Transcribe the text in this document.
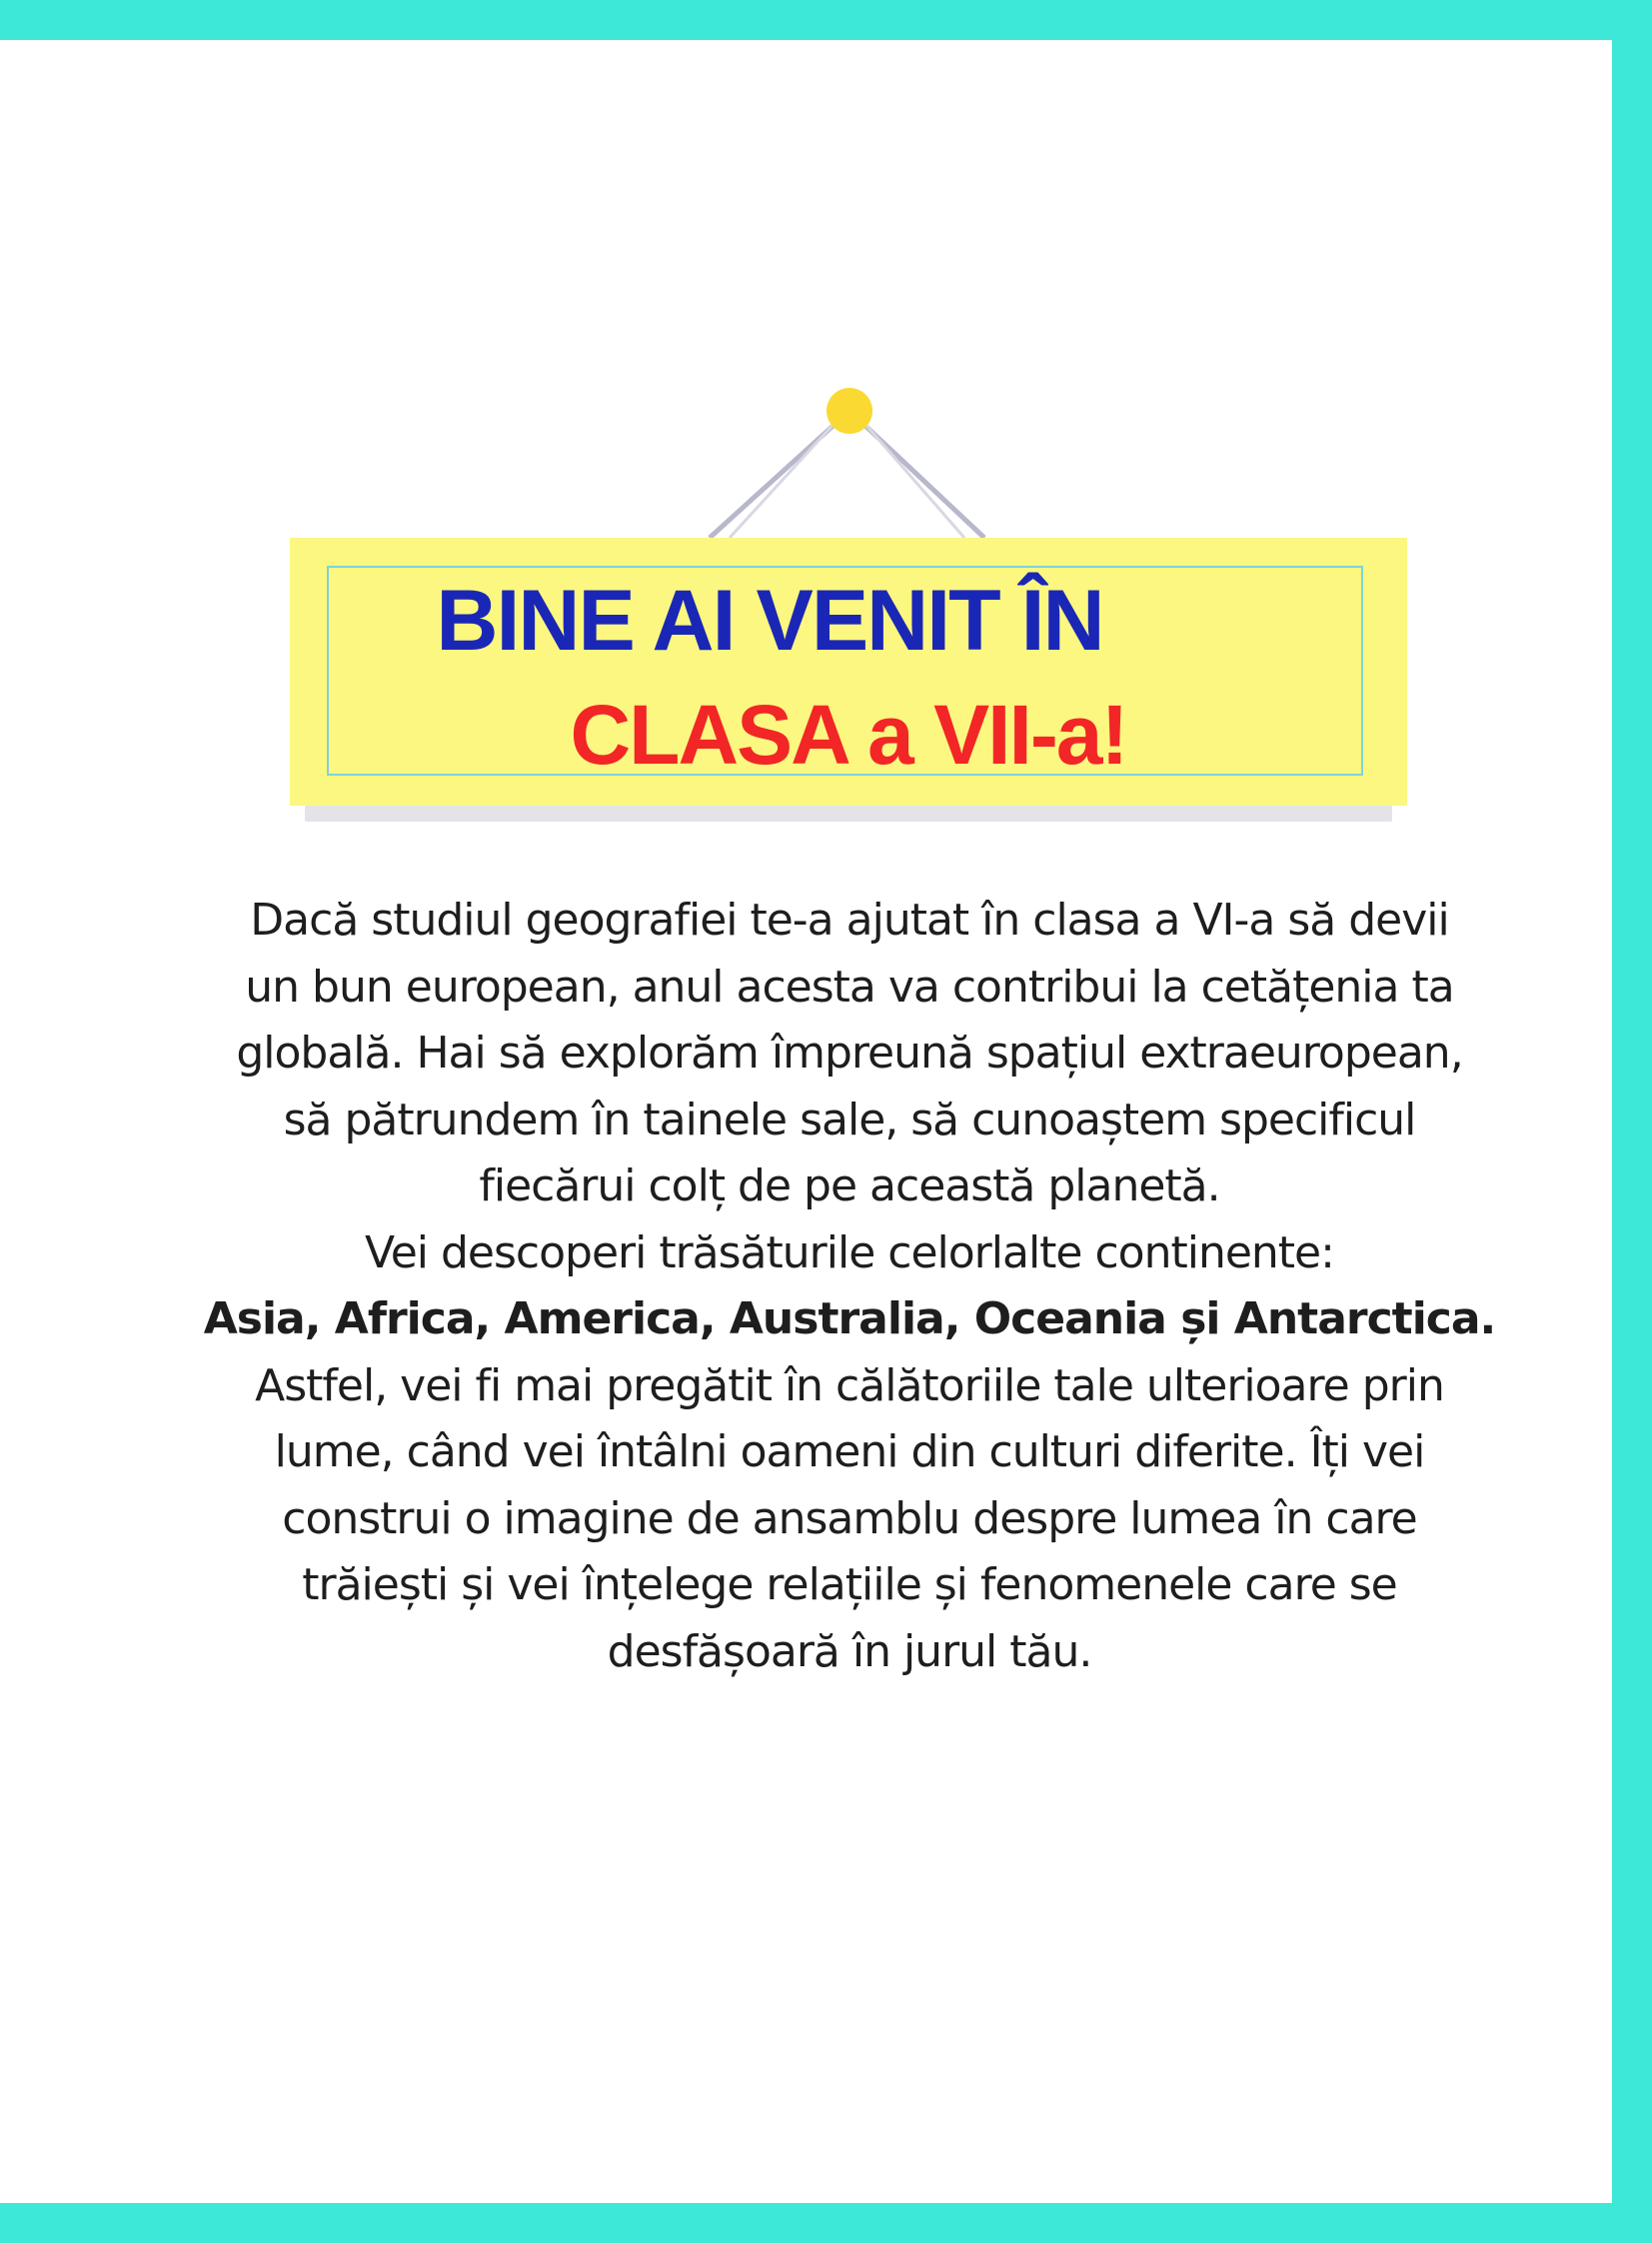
BINE AI VENIT ÎN
CLASA a VII-a!
Dacă studiul geografiei te-a ajutat în clasa a VI-a să devii
un bun european, anul acesta va contribui la cetățenia ta
globală. Hai să explorăm împreună spațiul extraeuropean,
să pătrundem în tainele sale, să cunoaștem specificul
fiecărui colț de pe această planetă.
Vei descoperi trăsăturile celorlalte continente:
Asia, Africa, America, Australia, Oceania și Antarctica.
Astfel, vei fi mai pregătit în călătoriile tale ulterioare prin
lume, când vei întâlni oameni din culturi diferite. Îți vei
construi o imagine de ansamblu despre lumea în care
trăiești și vei înțelege relațiile și fenomenele care se
desfășoară în jurul tău.
